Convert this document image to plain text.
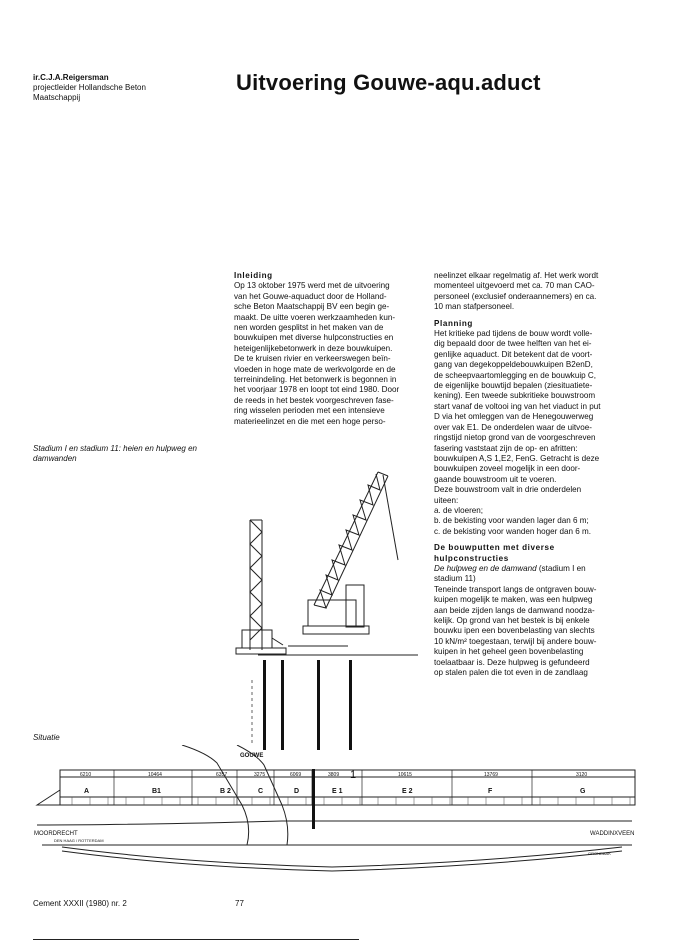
ir.C.J.A.Reigersman
projectleider Hollandsche Beton
Maatschappij
Uitvoering Gouwe-aqu.aduct

Inleiding

Op 13 oktober 1975 werd met de uitvoering
van het Gouwe-aquaduct door de Holland-
sche Beton Maatschappij BV een begin ge-
maakt. De uitte voeren werkzaamheden kun-
nen worden gesplitst in het maken van de
bouwkuipen met diverse hulpconstructies en
heteigenlijkebetonwerk in deze bouwkuipen.
De te kruisen rivier en verkeerswegen beïn-
vloeden in hoge mate de werkvolgorde en de
terreinindeling. Het betonwerk is begonnen in
het voorjaar 1978 en loopt tot eind 1980. Door
de reeds in het bestek voorgeschreven fase-
ring wisselen perioden met een intensieve
materieelinzet en die met een hoge perso-
neelinzet elkaar regelmatig af. Het werk wordt
momenteel uitgevoerd met ca. 70 man CAO-
personeel (exclusief onderaannemers) en ca.
10 man stafpersoneel.

Planning

Het kritieke pad tijdens de bouw wordt volle-
dig bepaald door de twee helften van het ei-
genlijke aquaduct. Dit betekent dat de voort-
gang van degekoppeldebouwkuipen B2enD,
de scheepvaartomlegging en de bouwkuip C,
de eigenlijke bouwtijd bepalen (ziesituatiete-
kening). Een tweede subkritieke bouwstroom
start vanaf de voltooi ing van het viaduct in put
D via het omleggen van de Henegouwerweg
over vak E1. De onderdelen waar de uitvoe-
ringstijd nietop grond van de voorgeschreven
fasering vaststaat zijn de op- en afritten:
bouwkuipen A,S 1,E2, FenG. Getracht is deze
bouwkuipen zoveel mogelijk in een door-
gaande bouwstroom uit te voeren.
Deze bouwstroom valt in drie onderdelen
uiteen:
a. de vloeren;
b. de bekisting voor wanden lager dan 6 m;
c. de bekisting voor wanden hoger dan 6 m.

De bouwputten met diverse

hulpconstructies

De hulpweg en de damwand (stadium I en

stadium 11)

Teneinde transport langs de ontgraven bouw-
kuipen mogelijk te maken, was een hulpweg
aan beide zijden langs de damwand noodza-
kelijk. Op grond van het bestek is bij enkele
bouwku ipen een bovenbelasting van slechts
10 kN/m² toegestaan, terwijl bij andere bouw-
kuipen in het geheel geen bovenbelasting
toelaatbaar is. Deze hulpweg is gefundeerd
op stalen palen die tot even in de zandlaag
Stadium I en stadium 11: heien en hulpweg en damwanden
Situatie
GOUWE
MOORDRECHT	WADDINXVEEN
DEN HAAG / ROTTERDAM
GRONDBAK
1
A	B1	B 2	C	D	E 1	E 2	F	G
6210	10464	6357	3275	6069	3809	10615	13769	3120
Cement XXXII (1980) nr. 2	77
